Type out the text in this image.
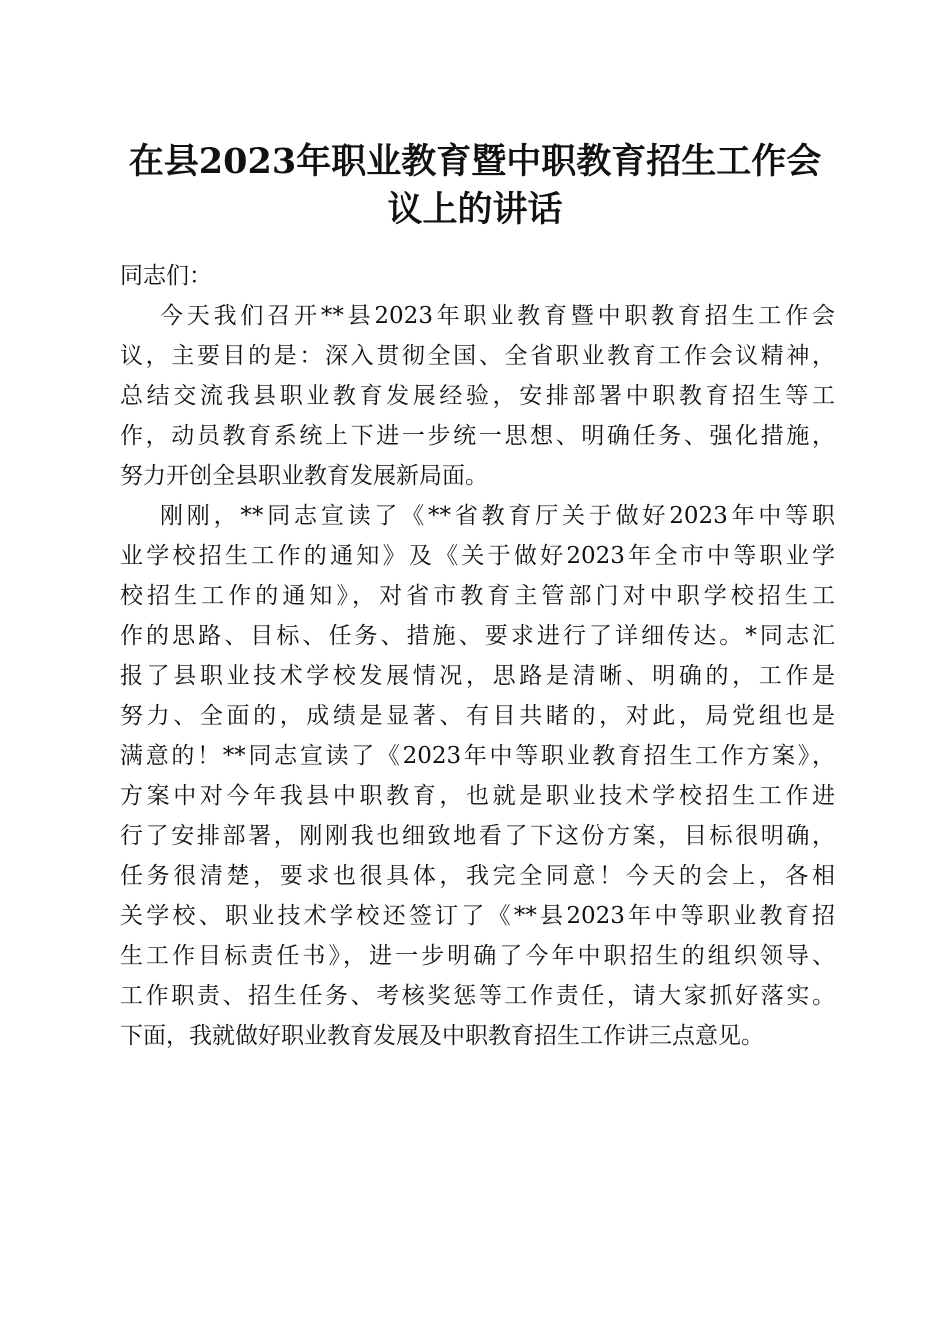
在县2023年职业教育暨中职教育招生工作会
议上的讲话

同志们：

今天我们召开**县2023年职业教育暨中职教育招生工作会
议，主要目的是：深入贯彻全国、全省职业教育工作会议精神，
总结交流我县职业教育发展经验，安排部署中职教育招生等工
作，动员教育系统上下进一步统一思想、明确任务、强化措施，
努力开创全县职业教育发展新局面。

刚刚，**同志宣读了《**省教育厅关于做好2023年中等职
业学校招生工作的通知》及《关于做好2023年全市中等职业学
校招生工作的通知》，对省市教育主管部门对中职学校招生工
作的思路、目标、任务、措施、要求进行了详细传达。*同志汇
报了县职业技术学校发展情况，思路是清晰、明确的，工作是
努力、全面的，成绩是显著、有目共睹的，对此，局党组也是
满意的！**同志宣读了《2023年中等职业教育招生工作方案》，
方案中对今年我县中职教育，也就是职业技术学校招生工作进
行了安排部署，刚刚我也细致地看了下这份方案，目标很明确，
任务很清楚，要求也很具体，我完全同意！今天的会上，各相
关学校、职业技术学校还签订了《**县2023年中等职业教育招
生工作目标责任书》，进一步明确了今年中职招生的组织领导、
工作职责、招生任务、考核奖惩等工作责任，请大家抓好落实。
下面，我就做好职业教育发展及中职教育招生工作讲三点意见。
